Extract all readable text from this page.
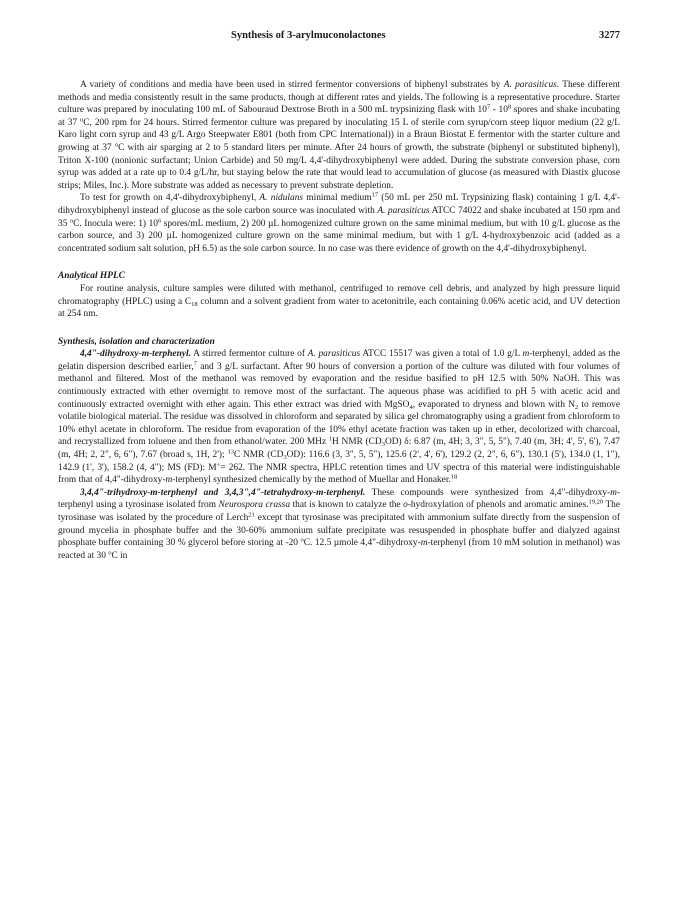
Synthesis of 3-arylmuconolactones	3277

A variety of conditions and media have been used in stirred fermentor conversions of biphenyl substrates by A. parasiticus. These different methods and media consistently result in the same products, though at different rates and yields. The following is a representative procedure. Starter culture was prepared by inoculating 100 mL of Sabouraud Dextrose Broth in a 500 mL trypsinizing flask with $10^7 - 10^8$ spores and shake incubating at 37 $^o$C, 200 rpm for 24 hours. Stirred fermentor culture was prepared by inoculating 15 L of sterile corn syrup/corn steep liquor medium (22 g/L Karo light corn syrup and 43 g/L Argo Steepwater E801 (both from CPC International)) in a Braun Biostat E fermentor with the starter culture and growing at 37 $^o$C with air sparging at 2 to 5 standard liters per minute. After 24 hours of growth, the substrate (biphenyl or substituted biphenyl), Triton X-100 (nonionic surfactant; Union Carbide) and 50 mg/L 4,4'-dihydroxybiphenyl were added. During the substrate conversion phase, corn syrup was added at a rate up to 0.4 g/L/hr, but staying below the rate that would lead to accumulation of glucose (as measured with Diastix glucose strips; Miles, Inc.). More substrate was added as necessary to prevent substrate depletion.

To test for growth on 4,4'-dihydroxybiphenyl, A. nidulans minimal medium$^{17}$ (50 mL per 250 mL Trypsinizing flask) containing 1 g/L 4,4'-dihydroxybiphenyl instead of glucose as the sole carbon source was inoculated with A. parasiticus ATCC 74022 and shake incubated at 150 rpm and 35 $^o$C. Inocula were: 1) $10^6$ spores/mL medium, 2) 200 µL homogenized culture grown on the same minimal medium, but with 10 g/L glucose as the carbon source, and 3) 200 µL homogenized culture grown on the same minimal medium, but with 1 g/L 4-hydroxybenzoic acid (added as a concentrated sodium salt solution, pH 6.5) as the sole carbon source. In no case was there evidence of growth on the 4,4'-dihydroxybiphenyl.

Analytical HPLC

For routine analysis, culture samples were diluted with methanol, centrifuged to remove cell debris, and analyzed by high pressure liquid chromatography (HPLC) using a $C_{18}$ column and a solvent gradient from water to acetonitrile, each containing 0.06% acetic acid, and UV detection at 254 nm.

Synthesis, isolation and characterization

4,4"-dihydroxy-m-terphenyl. A stirred fermentor culture of A. parasiticus ATCC 15517 was given a total of 1.0 g/L m-terphenyl, added as the gelatin dispersion described earlier,$^7$ and 3 g/L surfactant. After 90 hours of conversion a portion of the culture was diluted with four volumes of methanol and filtered. Most of the methanol was removed by evaporation and the residue basified to pH 12.5 with 50% NaOH. This was continuously extracted with ether overnight to remove most of the surfactant. The aqueous phase was acidified to pH 5 with acetic acid and continuously extracted overnight with ether again. This ether extract was dried with MgSO$_4$, evaporated to dryness and blown with $N_2$ to remove volatile biological material. The residue was dissolved in chloroform and separated by silica gel chromatography using a gradient from chloroform to 10% ethyl acetate in chloroform. The residue from evaporation of the 10% ethyl acetate fraction was taken up in ether, decolorized with charcoal, and recrystallized from toluene and then from ethanol/water. 200 MHz $^1$H NMR $(CD_3OD)$ δ: 6.87 (m, 4H; 3, 3", 5, 5"), 7.40 (m, 3H; 4', 5', 6'), 7.47 (m, 4H; 2, 2", 6, 6"), 7.67 (broad s, 1H, 2'); $^{13}$C NMR $(CD_3OD)$: 116.6 (3, 3", 5, 5"), 125.6 (2', 4', 6'), 129.2 (2, 2", 6, 6"), 130.1 (5'), 134.0 (1, 1"), 142.9 (1', 3'), 158.2 (4, 4"); MS (FD): M+= 262. The NMR spectra, HPLC retention times and UV spectra of this material were indistinguishable from that of 4,4"-dihydroxy-m-terphenyl synthesized chemically by the method of Muellar and Honaker.$^{18}$

3,4,4"-trihydroxy-m-terphenyl and 3,4,3",4"-tetrahydroxy-m-terphenyl. These compounds were synthesized from 4,4"-dihydroxy-m-terphenyl using a tyrosinase isolated from Neurospora crassa that is known to catalyze the o-hydroxylation of phenols and aromatic amines.$^{19,20}$ The tyrosinase was isolated by the procedure of Lerch$^{21}$ except that tyrosinase was precipitated with ammonium sulfate directly from the suspension of ground mycelia in phosphate buffer and the 30-60% ammonium sulfate precipitate was resuspended in phosphate buffer and dialyzed against phosphate buffer containing 30 % glycerol before storing at -20 $^o$C. 12.5 µmole 4,4"-dihydroxy-m-terphenyl (from 10 mM solution in methanol) was reacted at 30 $^o$C in
